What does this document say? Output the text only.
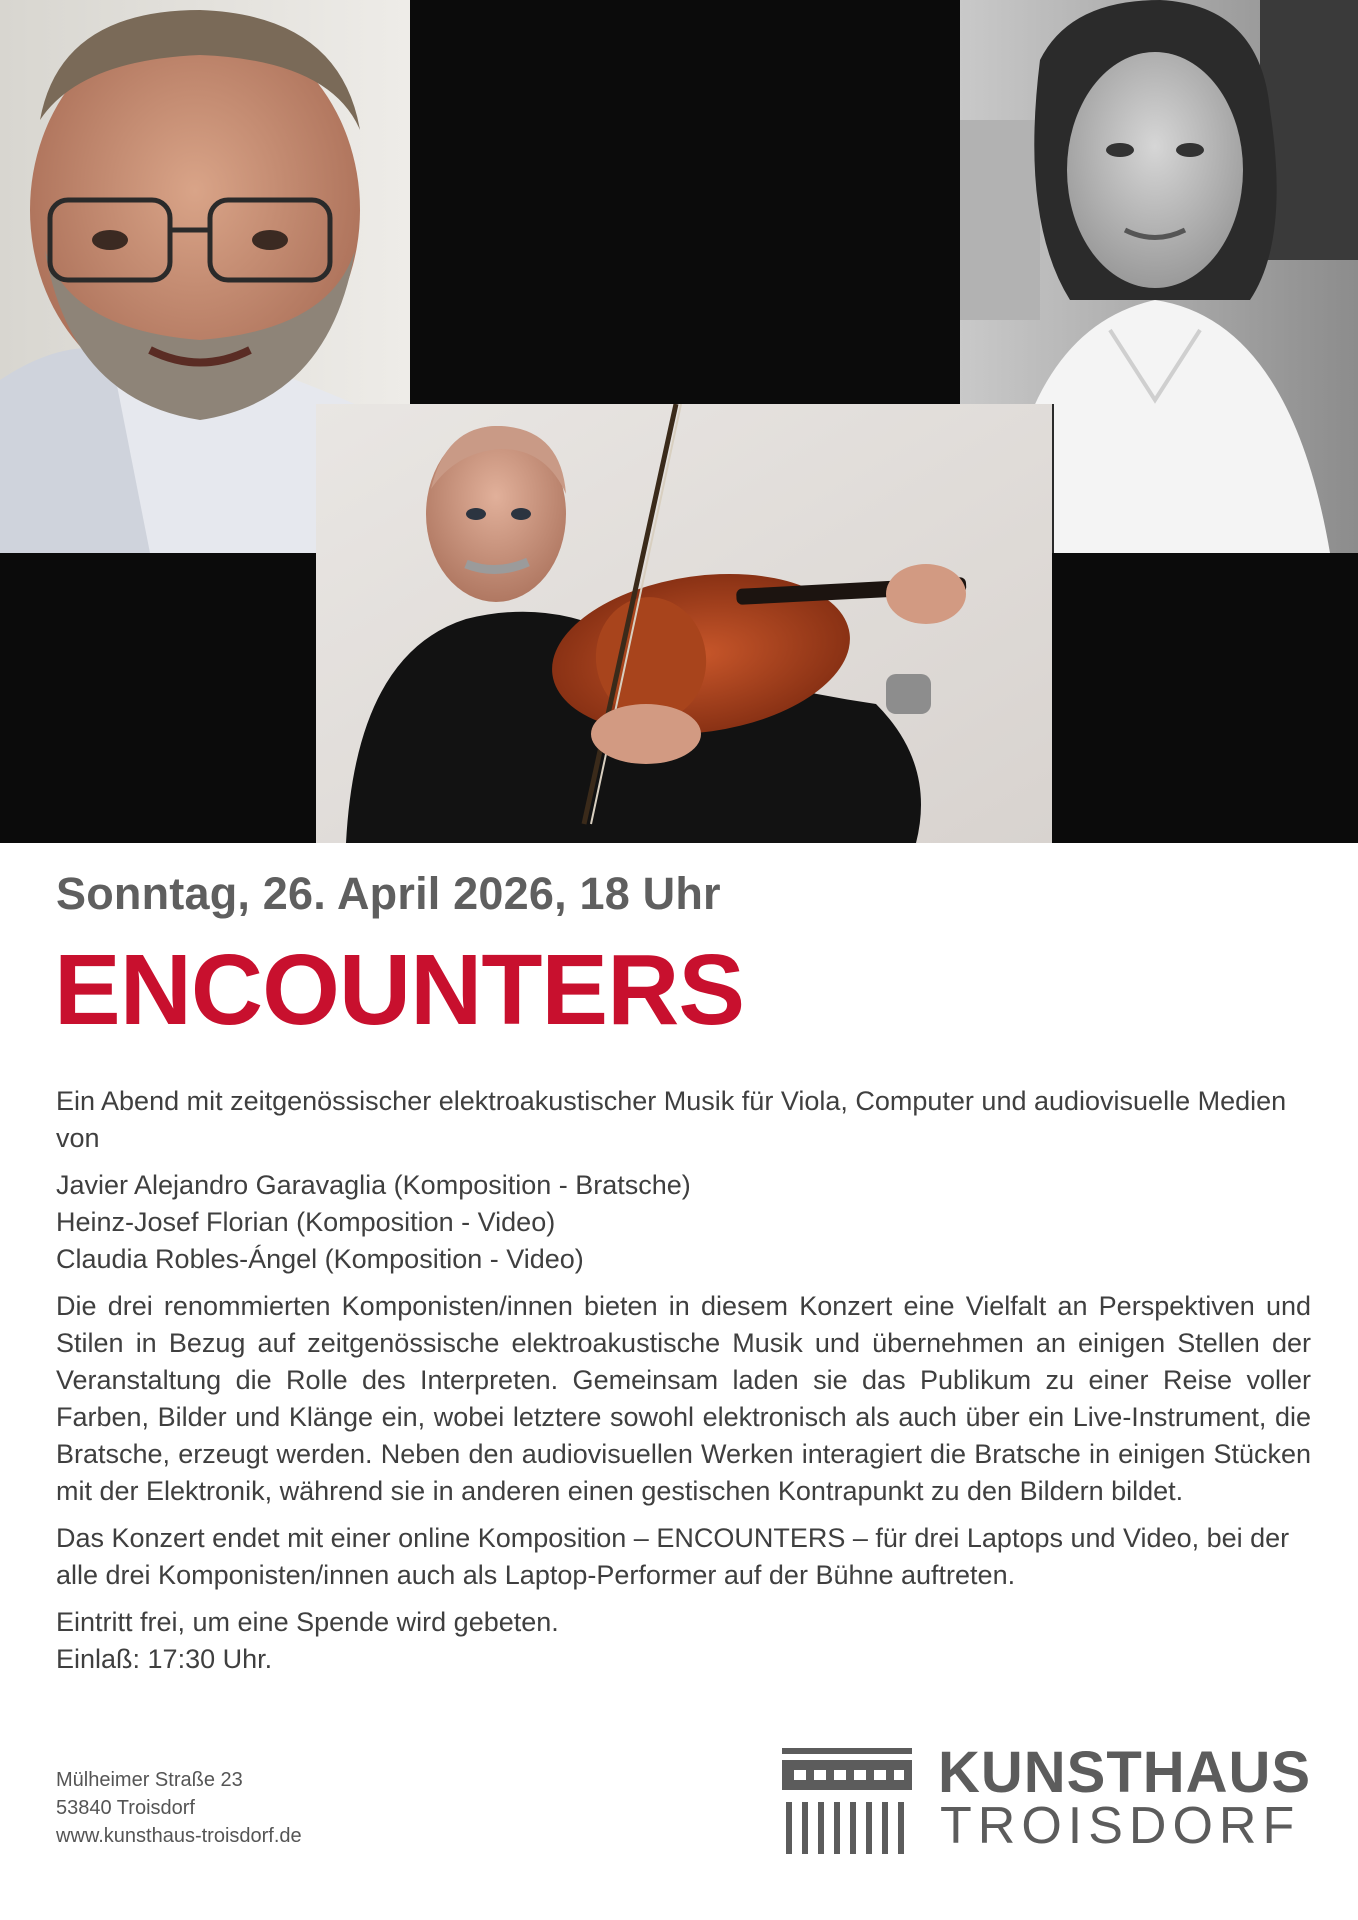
Sonntag, 26. April 2026, 18 Uhr
ENCOUNTERS

Ein Abend mit zeitgenössischer elektroakustischer Musik für Viola, Computer und audiovisuelle Medien von

Javier Alejandro Garavaglia (Komposition - Bratsche)
Heinz-Josef Florian (Komposition - Video)
Claudia Robles-Ángel (Komposition - Video)

Die drei renommierten Komponisten/innen bieten in diesem Konzert eine Vielfalt an Perspektiven und Stilen in Bezug auf zeitgenössische elektroakustische Musik und übernehmen an einigen Stellen der Veranstaltung die Rolle des Interpreten. Gemeinsam laden sie das Publikum zu einer Reise voller Farben, Bilder und Klänge ein, wobei letztere sowohl elektronisch als auch über ein Live-Instrument, die Bratsche, erzeugt werden. Neben den audiovisuellen Werken interagiert die Bratsche in einigen Stücken mit der Elektronik, während sie in anderen einen gestischen Kontrapunkt zu den Bildern bildet.

Das Konzert endet mit einer online Komposition – ENCOUNTERS – für drei Laptops und Video, bei der alle drei Komponisten/innen auch als Laptop-Performer auf der Bühne auftreten.

Eintritt frei, um eine Spende wird gebeten.
Einlaß: 17:30 Uhr.

Mülheimer Straße 23
53840 Troisdorf
www.kunsthaus-troisdorf.de
KUNSTHAUS
TROISDORF
